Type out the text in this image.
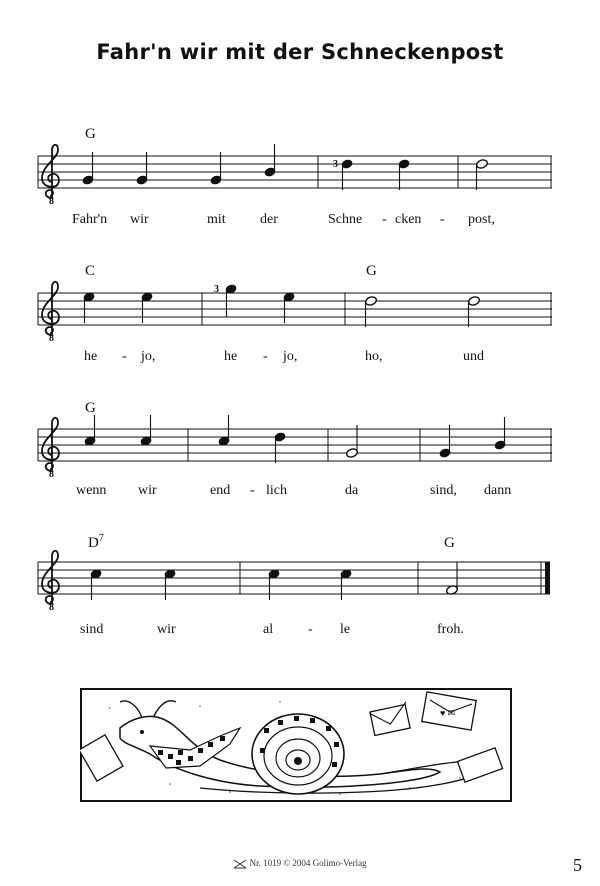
Fahr'n wir mit der Schneckenpost
G
8
3
Fahr'n wir	mit der	Schne - cken - post,
C	G
8
3
he - jo,	he - jo,	ho,	und
G
8
wenn wir	end - lich	da	sind, dann
$D^7$	G
8
sind	wir	al - le	froh.
♥ ✉
Nr. 1019 © 2004 Golimo-Verlag	5
